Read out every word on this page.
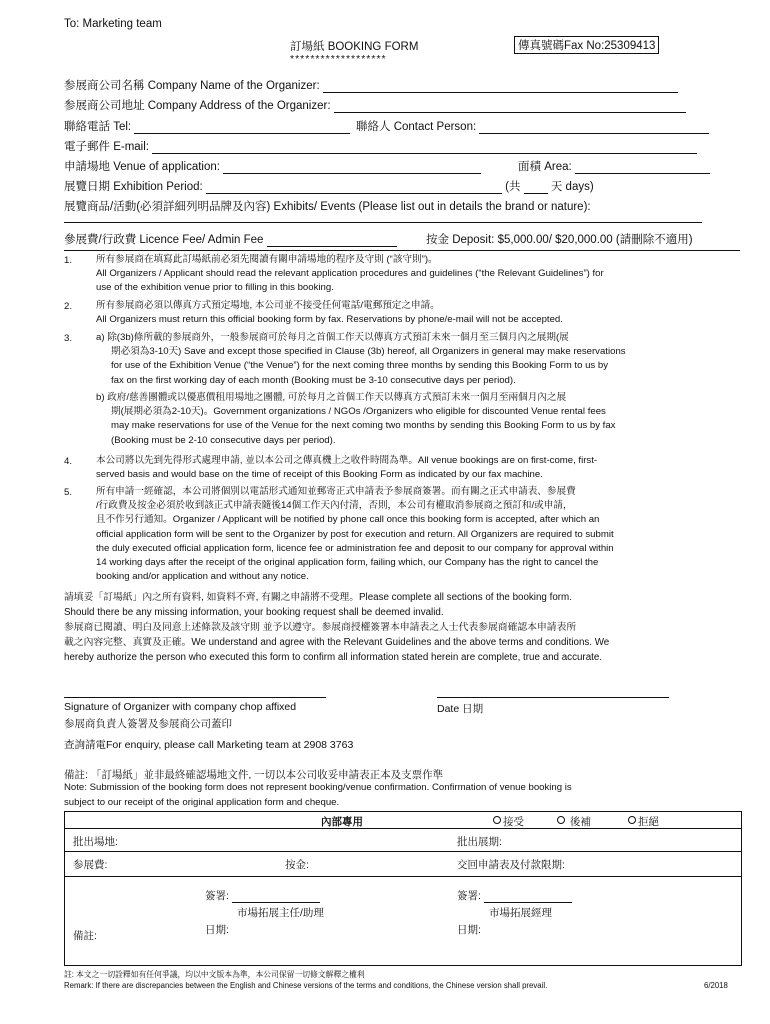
To: Marketing team
訂場紙 BOOKING FORM
*******************
傳真號碼Fax No:25309413
参展商公司名稱 Company Name of the Organizer:
参展商公司地址 Company Address of the Organizer:
聯絡電話 Tel:	聯絡人 Contact Person:
電子郵件 E-mail:
申請場地 Venue of application:	面積 Area:
展覽日期 Exhibition Period:	(共	天 days)
展覽商品/活動(必須詳細列明品牌及內容) Exhibits/ Events (Please list out in details the brand or nature):
參展費/行政費 Licence Fee/ Admin Fee	按金 Deposit: $5,000.00/ $20,000.00 (請刪除不適用)
1. 所有参展商在填寫此訂場紙前必須先閱讀有關申請場地的程序及守則 (“該守則”)。
All Organizers / Applicant should read the relevant application procedures and guidelines (“the Relevant Guidelines”) for
use of the exhibition venue prior to filling in this booking.
2. 所有参展商必須以傳真方式預定場地, 本公司並不接受任何電話/電郵預定之申請。
All Organizers must return this official booking form by fax. Reservations by phone/e-mail will not be accepted.
3. a) 除(3b)條所載的参展商外，一般参展商可於每月之首個工作天以傳真方式預訂未來一個月至三個月內之展期(展
期必須為3-10天) Save and except those specified in Clause (3b) hereof, all Organizers in general may make reservations
for use of the Exhibition Venue (“the Venue”) for the next coming three months by sending this Booking Form to us by
fax on the first working day of each month (Booking must be 3-10 consecutive days per period).
b) 政府/慈善團體或以優惠價租用場地之團體, 可於每月之首個工作天以傳真方式預訂未來一個月至兩個月內之展
期(展期必須為2-10天)。Government organizations / NGOs /Organizers who eligible for discounted Venue rental fees
may make reservations for use of the Venue for the next coming two months by sending this Booking Form to us by fax
(Booking must be 2-10 consecutive days per period).
4. 本公司將以先到先得形式處理申請, 並以本公司之傳真機上之收件時間為準。All venue bookings are on first-come, first-
served basis and would base on the time of receipt of this Booking Form as indicated by our fax machine.
5. 所有申請一經確認，本公司將個別以電話形式通知並郵寄正式申請表予参展商簽署。而有關之正式申請表、参展費
/行政費及按金必須於收到該正式申請表隨後14個工作天內付清，否則，本公司有權取消参展商之預訂和/或申請，
且不作另行通知。Organizer / Applicant will be notified by phone call once this booking form is accepted, after which an
official application form will be sent to the Organizer by post for execution and return. All Organizers are required to submit
the duly executed official application form, licence fee or administration fee and deposit to our company for approval within
14 working days after the receipt of the original application form, failing which, our Company has the right to cancel the
booking and/or application and without any notice.
請填妥「訂場紙」內之所有資料, 如資料不齊, 有關之申請將不受理。Please complete all sections of the booking form.
Should there be any missing information, your booking request shall be deemed invalid.
参展商已閱讀、明白及同意上述條款及該守則 並予以遵守。参展商授權簽署本申請表之人士代表参展商確認本申請表所
載之內容完整、真實及正確。We understand and agree with the Relevant Guidelines and the above terms and conditions. We
hereby authorize the person who executed this form to confirm all information stated herein are complete, true and accurate.
Signature of Organizer with company chop affixed	Date 日期
参展商負責人簽署及参展商公司蓋印
查詢請電For enquiry, please call Marketing team at 2908 3763
備註: 「訂場紙」並非最終確認場地文件, 一切以本公司收妥申請表正本及支票作準
Note: Submission of the booking form does not represent booking/venue confirmation. Confirmation of venue booking is
subject to our receipt of the original application form and cheque.
內部專用	接受	後補	拒絕
批出場地:	批出展期:
参展費:	按金:	交回申請表及付款限期:
簽署:
市場拓展主任/助理
日期:
簽署:
市場拓展經理
日期:
備註:
註: 本文之一切詮釋如有任何爭議，均以中文版本為準，本公司保留一切條文解釋之權利
Remark: If there are discrepancies between the English and Chinese versions of the terms and conditions, the Chinese version shall prevail.	6/2018
